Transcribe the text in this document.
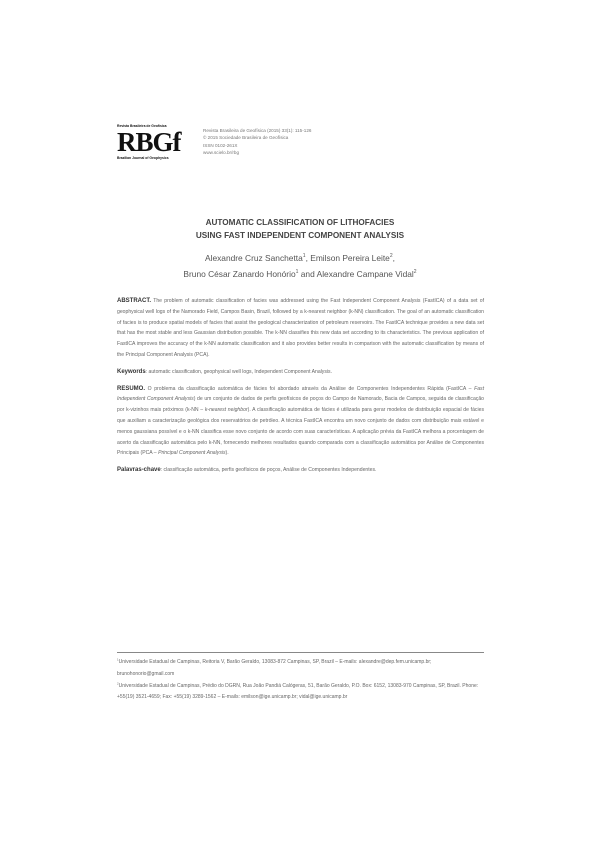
Revista Brasileira de Geofísica
RBGf
Brazilian Journal of Geophysics
Revista Brasileira de Geofísica (2015) 33(1): 115-126
© 2015 Sociedade Brasileira de Geofísica
ISSN 0102-261X
www.scielo.br/rbg
AUTOMATIC CLASSIFICATION OF LITHOFACIES
USING FAST INDEPENDENT COMPONENT ANALYSIS
Alexandre Cruz Sanchetta$^1$, Emilson Pereira Leite$^2$,
Bruno César Zanardo Honório$^1$ and Alexandre Campane Vidal$^2$
ABSTRACT. The problem of automatic classification of facies was addressed using the Fast Independent Component Analysis (FastICA) of a data set of geophysical well logs of the Namorado Field, Campos Basin, Brazil, followed by a k-nearest neighbor (k-NN) classification. The goal of an automatic classification of facies is to produce spatial models of facies that assist the geological characterization of petroleum reservoirs. The FastICA technique provides a new data set that has the most stable and less Gaussian distribution possible. The k-NN classifies this new data set according to its characteristics. The previous application of FastICA improves the accuracy of the k-NN automatic classification and it also provides better results in comparison with the automatic classification by means of the Principal Component Analysis (PCA).
Keywords: automatic classification, geophysical well logs, Independent Component Analysis.
RESUMO. O problema da classificação automática de fácies foi abordado através da Análise de Componentes Independentes Rápida (FastICA – Fast Independent Component Analysis) de um conjunto de dados de perfis geofísicos de poços do Campo de Namorado, Bacia de Campos, seguida de classificação por k-vizinhos mais próximos (k-NN – k-nearest neighbor). A classificação automática de fácies é utilizada para gerar modelos de distribuição espacial de fácies que auxiliam a caracterização geológica dos reservatórios de petróleo. A técnica FastICA encontra um novo conjunto de dados com distribuição mais estável e menos gaussiana possível e o k-NN classifica esse novo conjunto de acordo com suas características. A aplicação prévia da FastICA melhora a porcentagem de acerto da classificação automática pelo k-NN, fornecendo melhores resultados quando comparada com a classificação automática por Análise de Componentes Principais (PCA – Principal Component Analysis).
Palavras-chave: classificação automática, perfis geofísicos de poços, Análise de Componentes Independentes.
$^1$Universidade Estadual de Campinas, Reitoria V, Barão Geraldo, 13083-872 Campinas, SP, Brazil – E-mails: alexandre@dep.fem.unicamp.br; brunohonorio@gmail.com
$^2$Universidade Estadual de Campinas, Prédio do DGRN, Rua João Pandiá Calógeras, 51, Barão Geraldo, P.O. Box: 6152, 13083-970 Campinas, SP, Brazil. Phone: +55(19) 3521-4659; Fax: +55(19) 3289-1562 – E-mails: emilson@ige.unicamp.br; vidal@ige.unicamp.br
